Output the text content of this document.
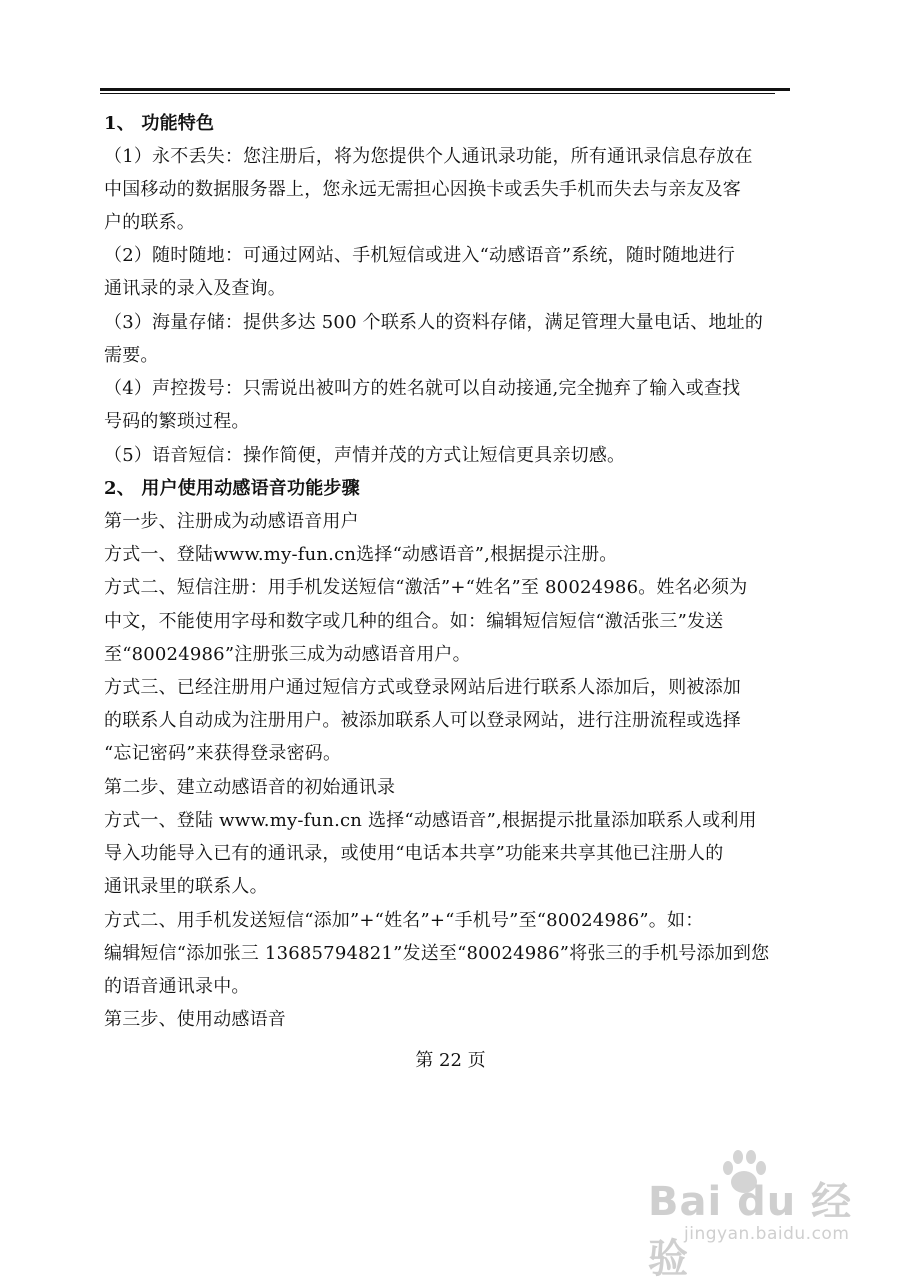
1、 功能特色
（1）永不丢失：您注册后，将为您提供个人通讯录功能，所有通讯录信息存放在
中国移动的数据服务器上，您永远无需担心因换卡或丢失手机而失去与亲友及客
户的联系。
（2）随时随地：可通过网站、手机短信或进入“动感语音”系统，随时随地进行
通讯录的录入及查询。
（3）海量存储：提供多达 500 个联系人的资料存储，满足管理大量电话、地址的
需要。
（4）声控拨号：只需说出被叫方的姓名就可以自动接通,完全抛弃了输入或查找
号码的繁琐过程。
（5）语音短信：操作简便，声情并茂的方式让短信更具亲切感。
2、 用户使用动感语音功能步骤
第一步、注册成为动感语音用户
方式一、登陆www.my-fun.cn选择“动感语音”,根据提示注册。
方式二、短信注册：用手机发送短信“激活”+“姓名”至 80024986。姓名必须为
中文，不能使用字母和数字或几种的组合。如：编辑短信短信“激活张三”发送
至“80024986”注册张三成为动感语音用户。
方式三、已经注册用户通过短信方式或登录网站后进行联系人添加后，则被添加
的联系人自动成为注册用户。被添加联系人可以登录网站，进行注册流程或选择
“忘记密码”来获得登录密码。
第二步、建立动感语音的初始通讯录
方式一、登陆 www.my-fun.cn 选择“动感语音”,根据提示批量添加联系人或利用
导入功能导入已有的通讯录，或使用“电话本共享”功能来共享其他已注册人的
通讯录里的联系人。
方式二、用手机发送短信“添加”+“姓名”+“手机号”至“80024986”。如：
编辑短信“添加张三 13685794821”发送至“80024986”将张三的手机号添加到您
的语音通讯录中。
第三步、使用动感语音
第 22 页
Bai du 经验
jingyan.baidu.com
